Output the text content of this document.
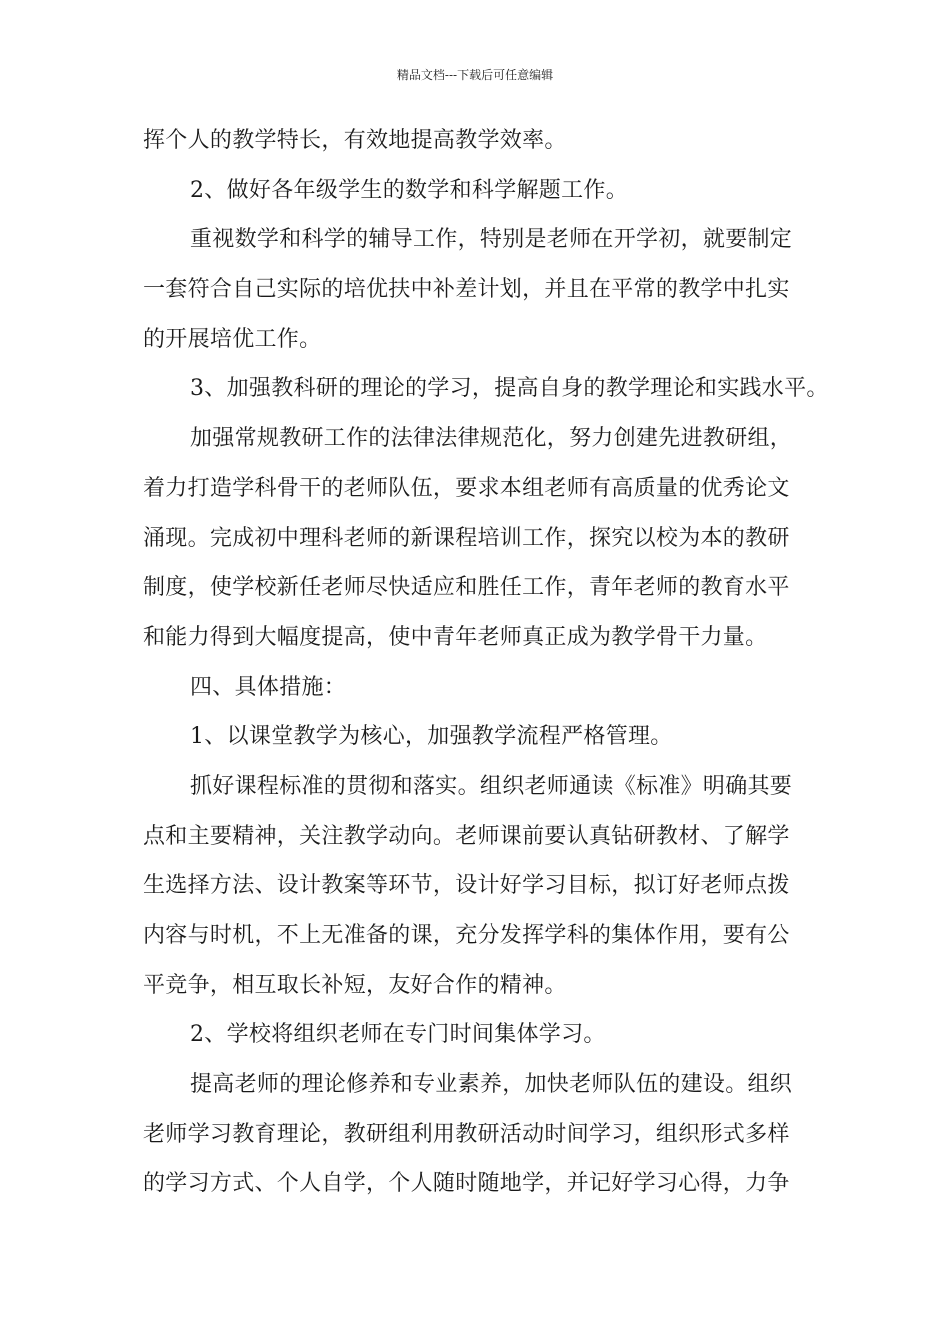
精品文档---下载后可任意编辑
挥个人的教学特长，有效地提高教学效率。
2、做好各年级学生的数学和科学解题工作。
重视数学和科学的辅导工作，特别是老师在开学初，就要制定
一套符合自己实际的培优扶中补差计划，并且在平常的教学中扎实
的开展培优工作。
3、加强教科研的理论的学习，提高自身的教学理论和实践水平。
加强常规教研工作的法律法律规范化，努力创建先进教研组，
着力打造学科骨干的老师队伍，要求本组老师有高质量的优秀论文
涌现。完成初中理科老师的新课程培训工作，探究以校为本的教研
制度，使学校新任老师尽快适应和胜任工作，青年老师的教育水平
和能力得到大幅度提高，使中青年老师真正成为教学骨干力量。
四、具体措施：
1、以课堂教学为核心，加强教学流程严格管理。
抓好课程标准的贯彻和落实。组织老师通读《标准》明确其要
点和主要精神，关注教学动向。老师课前要认真钻研教材、了解学
生选择方法、设计教案等环节，设计好学习目标，拟订好老师点拨
内容与时机，不上无准备的课，充分发挥学科的集体作用，要有公
平竞争，相互取长补短，友好合作的精神。
2、学校将组织老师在专门时间集体学习。
提高老师的理论修养和专业素养，加快老师队伍的建设。组织
老师学习教育理论，教研组利用教研活动时间学习，组织形式多样
的学习方式、个人自学，个人随时随地学，并记好学习心得，力争
